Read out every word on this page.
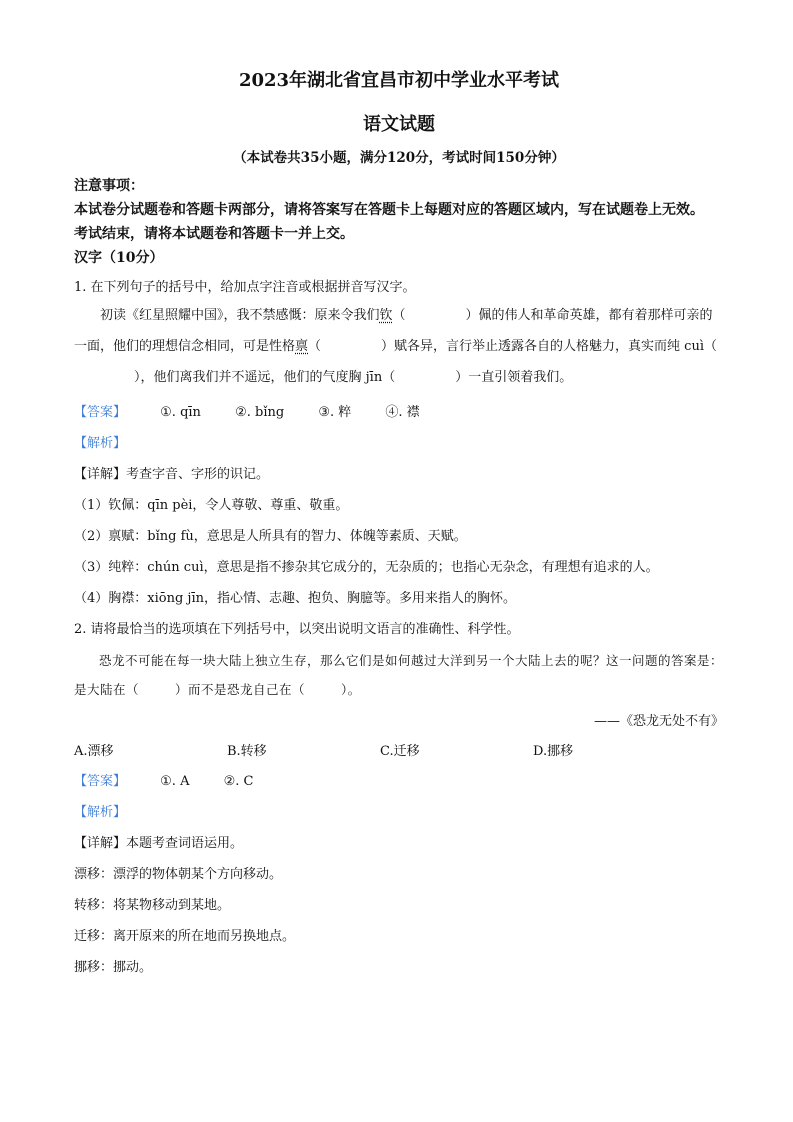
2023年湖北省宜昌市初中学业水平考试
语文试题
（本试卷共35小题，满分120分，考试时间150分钟）
注意事项：
本试卷分试题卷和答题卡两部分，请将答案写在答题卡上每题对应的答题区域内，写在试题卷上无效。
考试结束，请将本试题卷和答题卡一并上交。
汉字（10分）
1. 在下列句子的括号中，给加点字注音或根据拼音写汉字。
初读《红星照耀中国》，我不禁感慨：原来令我们钦（	）佩的伟人和革命英雄，都有着那样可亲的一面，他们的理想信念相同，可是性格禀（	）赋各异，言行举止透露各自的人格魅力，真实而纯 cuì（），他们离我们并不遥远，他们的气度胸 jīn（	）一直引领着我们。
【答案】	①. qīn	②. bǐng	③. 粹	④. 襟
【解析】
【详解】考查字音、字形的识记。
（1）钦佩：qīn pèi，令人尊敬、尊重、敬重。
（2）禀赋：bǐng fù，意思是人所具有的智力、体魄等素质、天赋。
（3）纯粹：chún cuì，意思是指不掺杂其它成分的，无杂质的；也指心无杂念，有理想有追求的人。
（4）胸襟：xiōng jīn，指心情、志趣、抱负、胸臆等。多用来指人的胸怀。
2. 请将最恰当的选项填在下列括号中，以突出说明文语言的准确性、科学性。
恐龙不可能在每一块大陆上独立生存，那么它们是如何越过大洋到另一个大陆上去的呢？这一问题的答案是：是大陆在（	）而不是恐龙自己在（	）。
——《恐龙无处不有》
A.漂移	B.转移	C.迁移	D.挪移
【答案】	①. A	②. C
【解析】
【详解】本题考查词语运用。
漂移：漂浮的物体朝某个方向移动。
转移：将某物移动到某地。
迁移：离开原来的所在地而另换地点。
挪移：挪动。
